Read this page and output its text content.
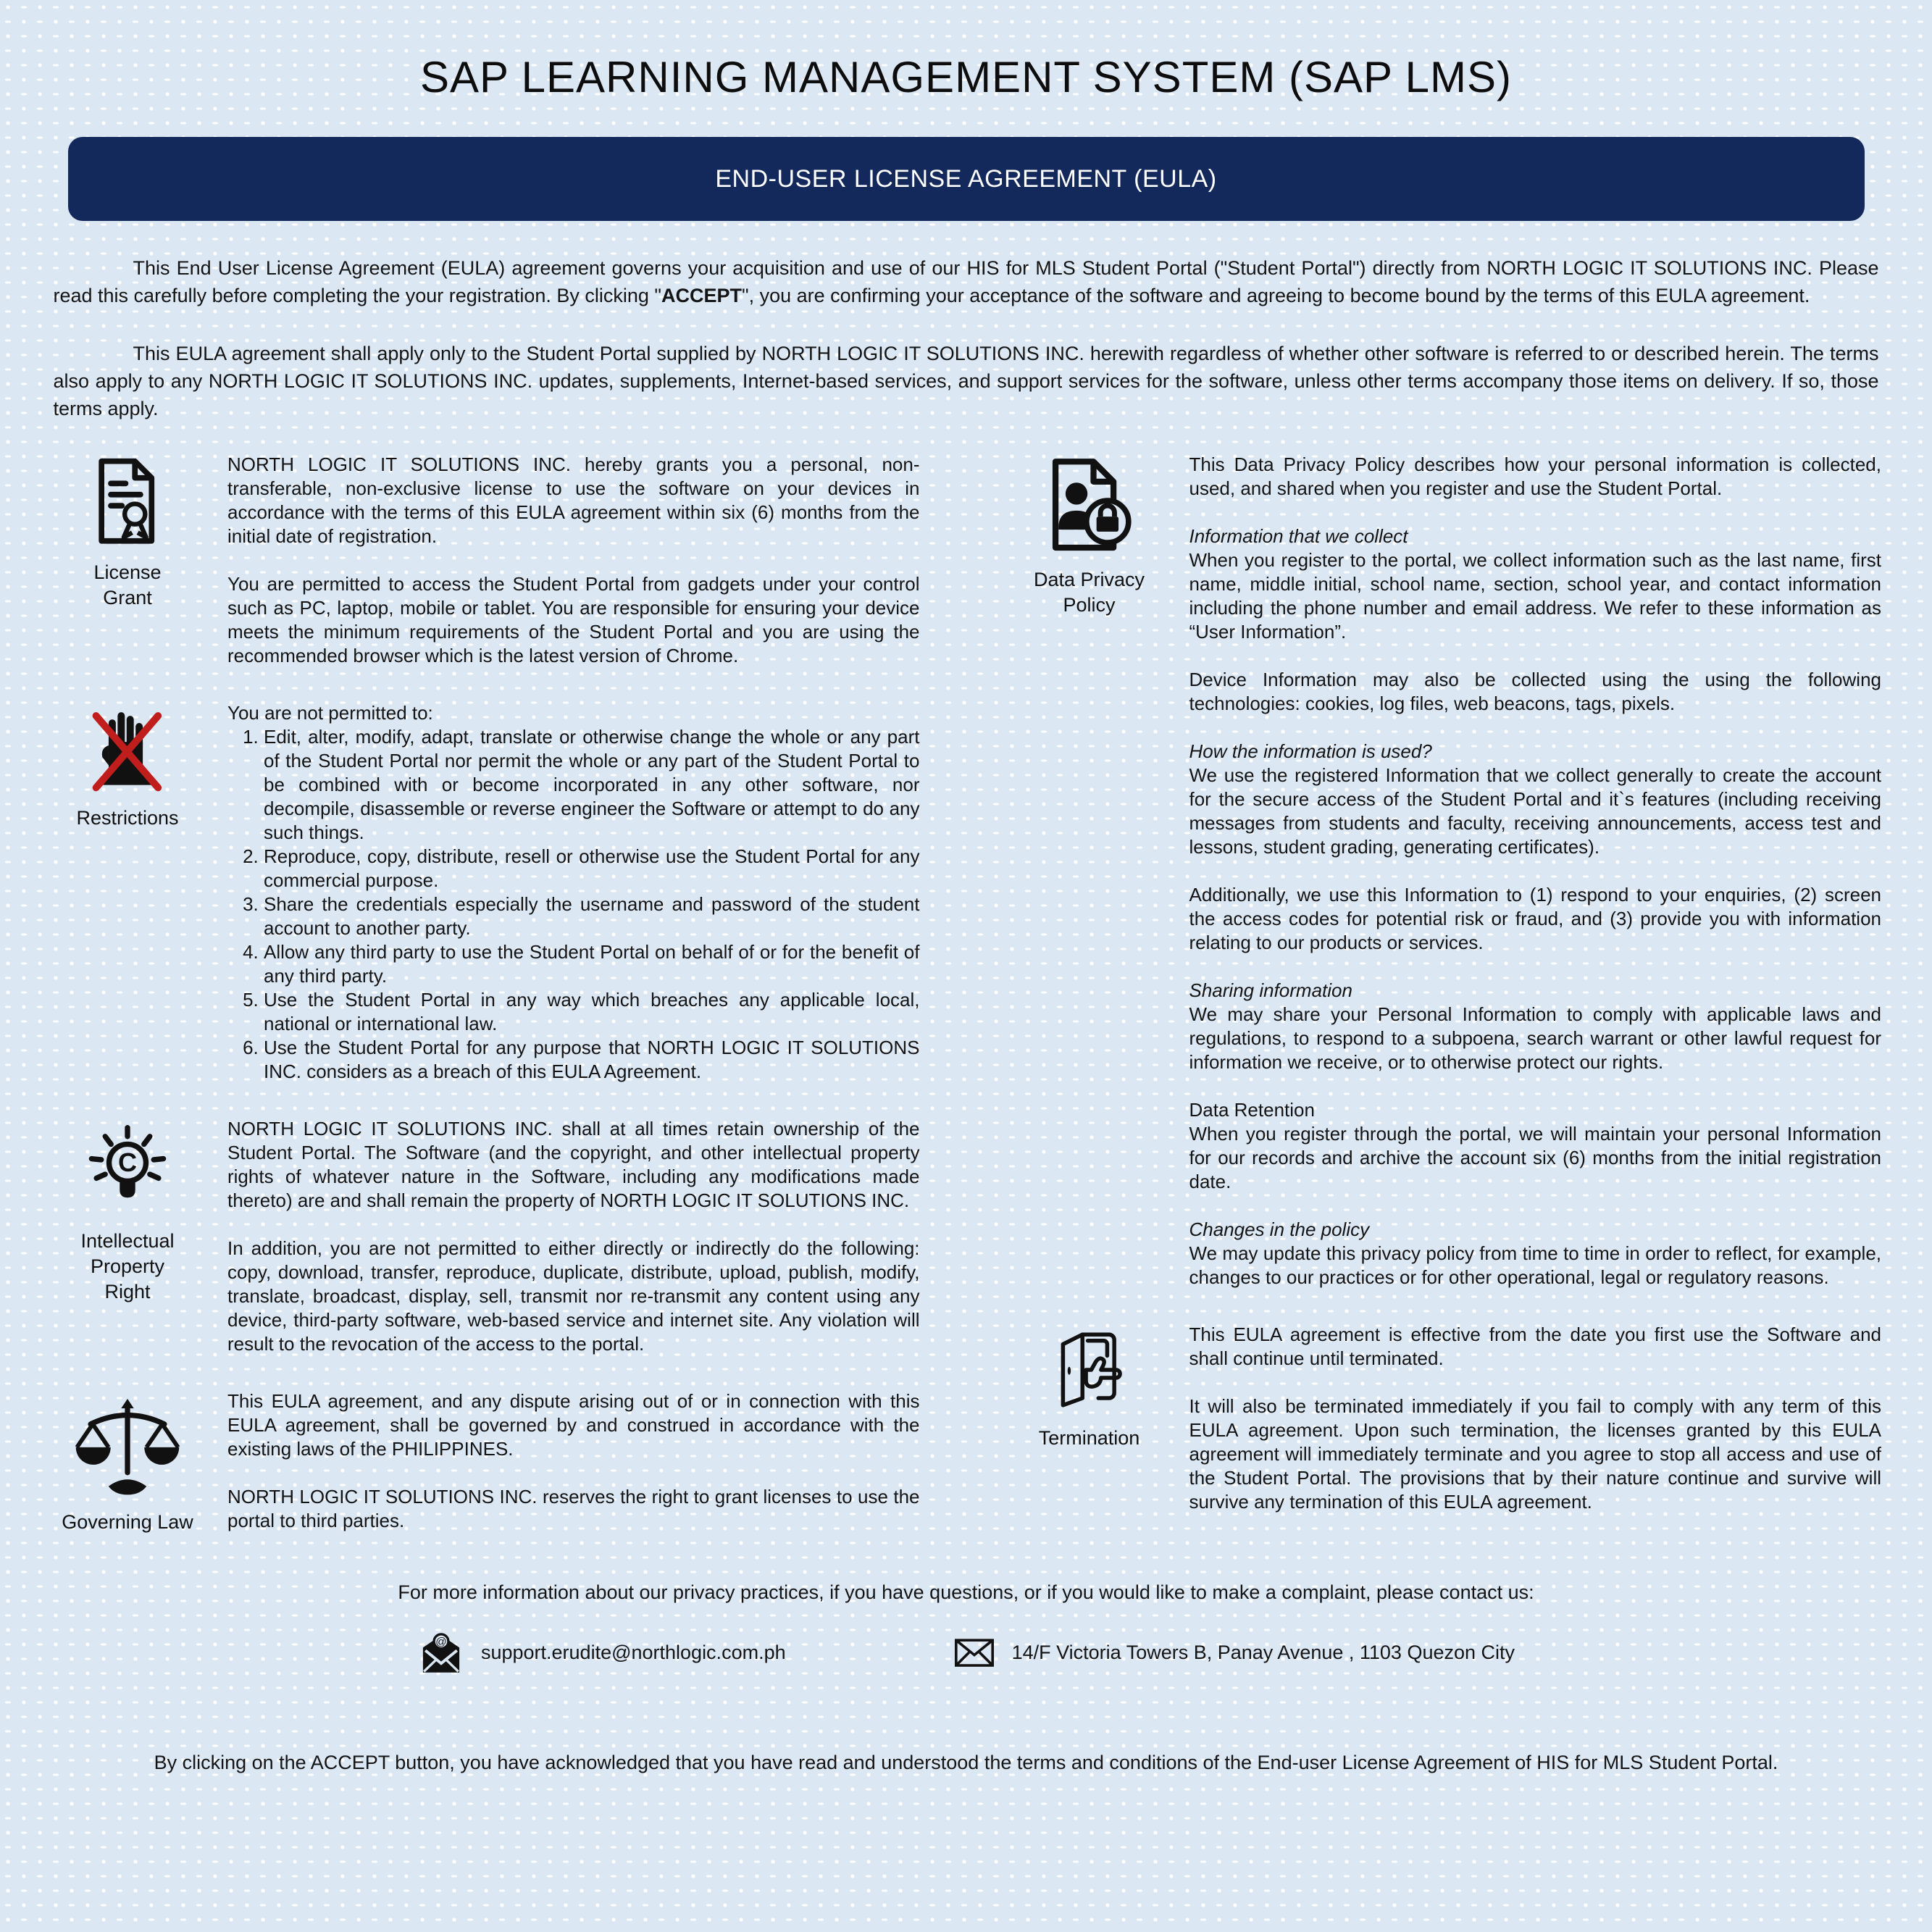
SAP LEARNING MANAGEMENT SYSTEM (SAP LMS)
END-USER LICENSE AGREEMENT (EULA)

This End User License Agreement (EULA) agreement governs your acquisition and use of our HIS for MLS Student Portal ("Student Portal") directly from NORTH LOGIC IT SOLUTIONS INC. Please read this carefully before completing the your registration. By clicking "ACCEPT", you are confirming your acceptance of the software and agreeing to become bound by the terms of this EULA agreement.

This EULA agreement shall apply only to the Student Portal supplied by NORTH LOGIC IT SOLUTIONS INC. herewith regardless of whether other software is referred to or described herein. The terms also apply to any NORTH LOGIC IT SOLUTIONS INC. updates, supplements, Internet-based services, and support services for the software, unless other terms accompany those items on delivery. If so, those terms apply.

License Grant

NORTH LOGIC IT SOLUTIONS INC. hereby grants you a personal, non-transferable, non-exclusive license to use the software on your devices in accordance with the terms of this EULA agreement within six (6) months from the initial date of registration.

You are permitted to access the Student Portal from gadgets under your control such as PC, laptop, mobile or tablet. You are responsible for ensuring your device meets the minimum requirements of the Student Portal and you are using the recommended browser which is the latest version of Chrome.

Restrictions

You are not permitted to:

1. Edit, alter, modify, adapt, translate or otherwise change the whole or any part of the Student Portal nor permit the whole or any part of the Student Portal to be combined with or become incorporated in any other software, nor decompile, disassemble or reverse engineer the Software or attempt to do any such things.
2. Reproduce, copy, distribute, resell or otherwise use the Student Portal for any commercial purpose.
3. Share the credentials especially the username and password of the student account to another party.
4. Allow any third party to use the Student Portal on behalf of or for the benefit of any third party.
5. Use the Student Portal in any way which breaches any applicable local, national or international law.
6. Use the Student Portal for any purpose that NORTH LOGIC IT SOLUTIONS INC. considers as a breach of this EULA Agreement.
C
Intellectual Property Right

NORTH LOGIC IT SOLUTIONS INC. shall at all times retain ownership of the Student Portal. The Software (and the copyright, and other intellectual property rights of whatever nature in the Software, including any modifications made thereto) are and shall remain the property of NORTH LOGIC IT SOLUTIONS INC.

In addition, you are not permitted to either directly or indirectly do the following: copy, download, transfer, reproduce, duplicate, distribute, upload, publish, modify, translate, broadcast, display, sell, transmit nor re-transmit any content using any device, third-party software, web-based service and internet site. Any violation will result to the revocation of the access to the portal.

Governing Law

This EULA agreement, and any dispute arising out of or in connection with this EULA agreement, shall be governed by and construed in accordance with the existing laws of the PHILIPPINES.

NORTH LOGIC IT SOLUTIONS INC. reserves the right to grant licenses to use the portal to third parties.

Data Privacy Policy

This Data Privacy Policy describes how your personal information is collected, used, and shared when you register and use the Student Portal.

Information that we collect

When you register to the portal, we collect information such as the last name, first name, middle initial, school name, section, school year, and contact information including the phone number and email address. We refer to these information as “User Information”.

Device Information may also be collected using the using the following technologies: cookies, log files, web beacons, tags, pixels.

How the information is used?

We use the registered Information that we collect generally to create the account for the secure access of the Student Portal and it`s features (including receiving messages from students and faculty, receiving announcements, access test and lessons, student grading, generating certificates).

Additionally, we use this Information to (1) respond to your enquiries, (2) screen the access codes for potential risk or fraud, and (3) provide you with information relating to our products or services.

Sharing information

We may share your Personal Information to comply with applicable laws and regulations, to respond to a subpoena, search warrant or other lawful request for information we receive, or to otherwise protect our rights.

Data Retention

When you register through the portal, we will maintain your personal Information for our records and archive the account six (6) months from the initial registration date.

Changes in the policy

We may update this privacy policy from time to time in order to reflect, for example, changes to our practices or for other operational, legal or regulatory reasons.

Termination

This EULA agreement is effective from the date you first use the Software and shall continue until terminated.

It will also be terminated immediately if you fail to comply with any term of this EULA agreement. Upon such termination, the licenses granted by this EULA agreement will immediately terminate and you agree to stop all access and use of the Student Portal. The provisions that by their nature continue and survive will survive any termination of this EULA agreement.

For more information about our privacy practices, if you have questions, or if you would like to make a complaint, please contact us:
@ support.erudite@northlogic.com.ph	14/F Victoria Towers B, Panay Avenue , 1103 Quezon City
By clicking on the ACCEPT button, you have acknowledged that you have read and understood the terms and conditions of the End-user License Agreement of HIS for MLS Student Portal.
